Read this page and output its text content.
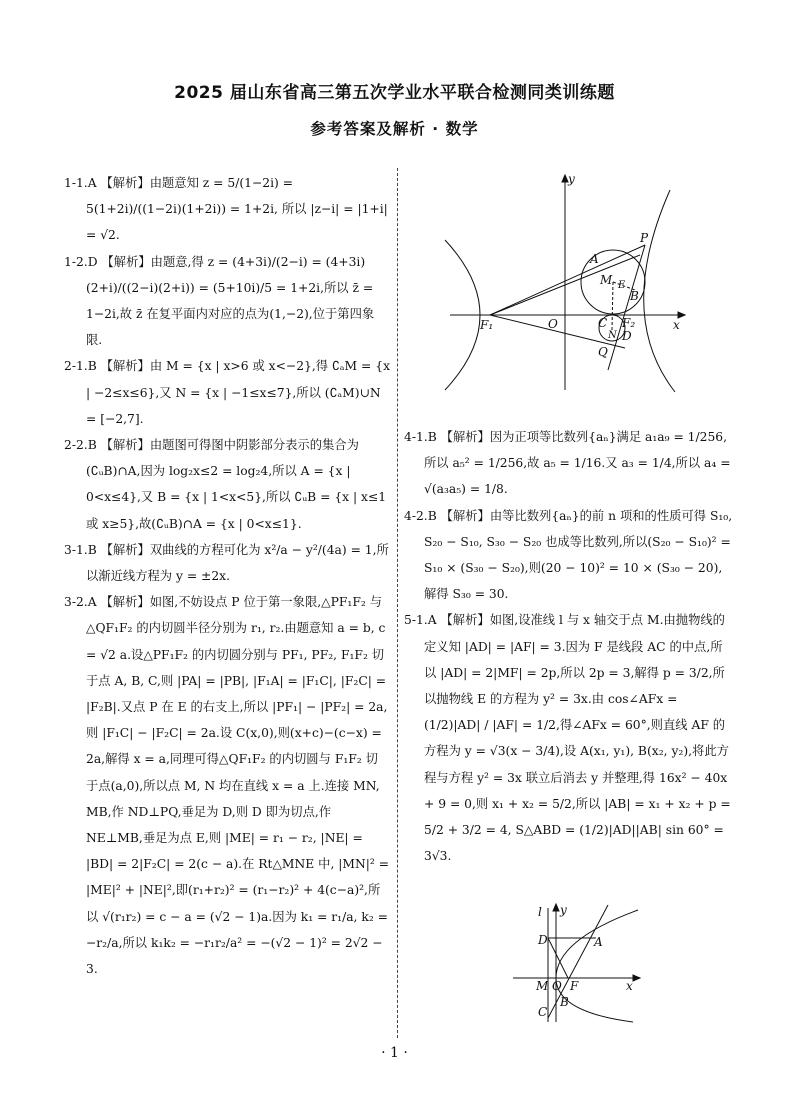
2025 届山东省高三第五次学业水平联合检测同类训练题
参考答案及解析 · 数学

1-1.A 【解析】由题意知 z = 5/(1−2i) = 5(1+2i)/((1−2i)(1+2i)) = 1+2i, 所以 |z−i| = |1+i| = √2.

1-2.D 【解析】由题意,得 z = (4+3i)/(2−i) = (4+3i)(2+i)/((2−i)(2+i)) = (5+10i)/5 = 1+2i,所以 z̄ = 1−2i,故 z̄ 在复平面内对应的点为(1,−2),位于第四象限.

2-1.B 【解析】由 M = {x | x>6 或 x<−2},得 ∁ₐM = {x | −2≤x≤6},又 N = {x | −1≤x≤7},所以 (∁ₐM)∪N = [−2,7].

2-2.B 【解析】由题图可得图中阴影部分表示的集合为 (∁ᵤB)∩A,因为 log₂x≤2 = log₂4,所以 A = {x | 0<x≤4},又 B = {x | 1<x<5},所以 ∁ᵤB = {x | x≤1 或 x≥5},故(∁ᵤB)∩A = {x | 0<x≤1}.

3-1.B 【解析】双曲线的方程可化为 x²/a − y²/(4a) = 1,所以渐近线方程为 y = ±2x.

3-2.A 【解析】如图,不妨设点 P 位于第一象限,△PF₁F₂ 与△QF₁F₂ 的内切圆半径分别为 r₁, r₂.由题意知 a = b, c = √2 a.设△PF₁F₂ 的内切圆分别与 PF₁, PF₂, F₁F₂ 切于点 A, B, C,则 |PA| = |PB|, |F₁A| = |F₁C|, |F₂C| = |F₂B|.又点 P 在 E 的右支上,所以 |PF₁| − |PF₂| = 2a,则 |F₁C| − |F₂C| = 2a.设 C(x,0),则(x+c)−(c−x) = 2a,解得 x = a,同理可得△QF₁F₂ 的内切圆与 F₁F₂ 切于点(a,0),所以点 M, N 均在直线 x = a 上.连接 MN, MB,作 ND⊥PQ,垂足为 D,则 D 即为切点,作 NE⊥MB,垂足为点 E,则 |ME| = r₁ − r₂, |NE| = |BD| = 2|F₂C| = 2(c − a).在 Rt△MNE 中, |MN|² = |ME|² + |NE|²,即(r₁+r₂)² = (r₁−r₂)² + 4(c−a)²,所以 √(r₁r₂) = c − a = (√2 − 1)a.因为 k₁ = r₁/a, k₂ = −r₂/a,所以 k₁k₂ = −r₁r₂/a² = −(√2 − 1)² = 2√2 − 3.

y
x
P
A
M E
B
F₁	O	C F₂
N D
Q

4-1.B 【解析】因为正项等比数列{aₙ}满足 a₁a₉ = 1/256,所以 a₅² = 1/256,故 a₅ = 1/16.又 a₃ = 1/4,所以 a₄ = √(a₃a₅) = 1/8.

4-2.B 【解析】由等比数列{aₙ}的前 n 项和的性质可得 S₁₀, S₂₀ − S₁₀, S₃₀ − S₂₀ 也成等比数列,所以(S₂₀ − S₁₀)² = S₁₀ × (S₃₀ − S₂₀),则(20 − 10)² = 10 × (S₃₀ − 20),解得 S₃₀ = 30.

5-1.A 【解析】如图,设准线 l 与 x 轴交于点 M.由抛物线的定义知 |AD| = |AF| = 3.因为 F 是线段 AC 的中点,所以 |AD| = 2|MF| = 2p,所以 2p = 3,解得 p = 3/2,所以抛物线 E 的方程为 y² = 3x.由 cos∠AFx = (1/2)|AD| / |AF| = 1/2,得∠AFx = 60°,则直线 AF 的方程为 y = √3(x − 3/4),设 A(x₁, y₁), B(x₂, y₂),将此方程与方程 y² = 3x 联立后消去 y 并整理,得 16x² − 40x + 9 = 0,则 x₁ + x₂ = 5/2,所以 |AB| = x₁ + x₂ + p = 5/2 + 3/2 = 4, S△ABD = (1/2)|AD||AB| sin 60° = 3√3.

l y
D	A
M O F
B
C
x
· 1 ·
